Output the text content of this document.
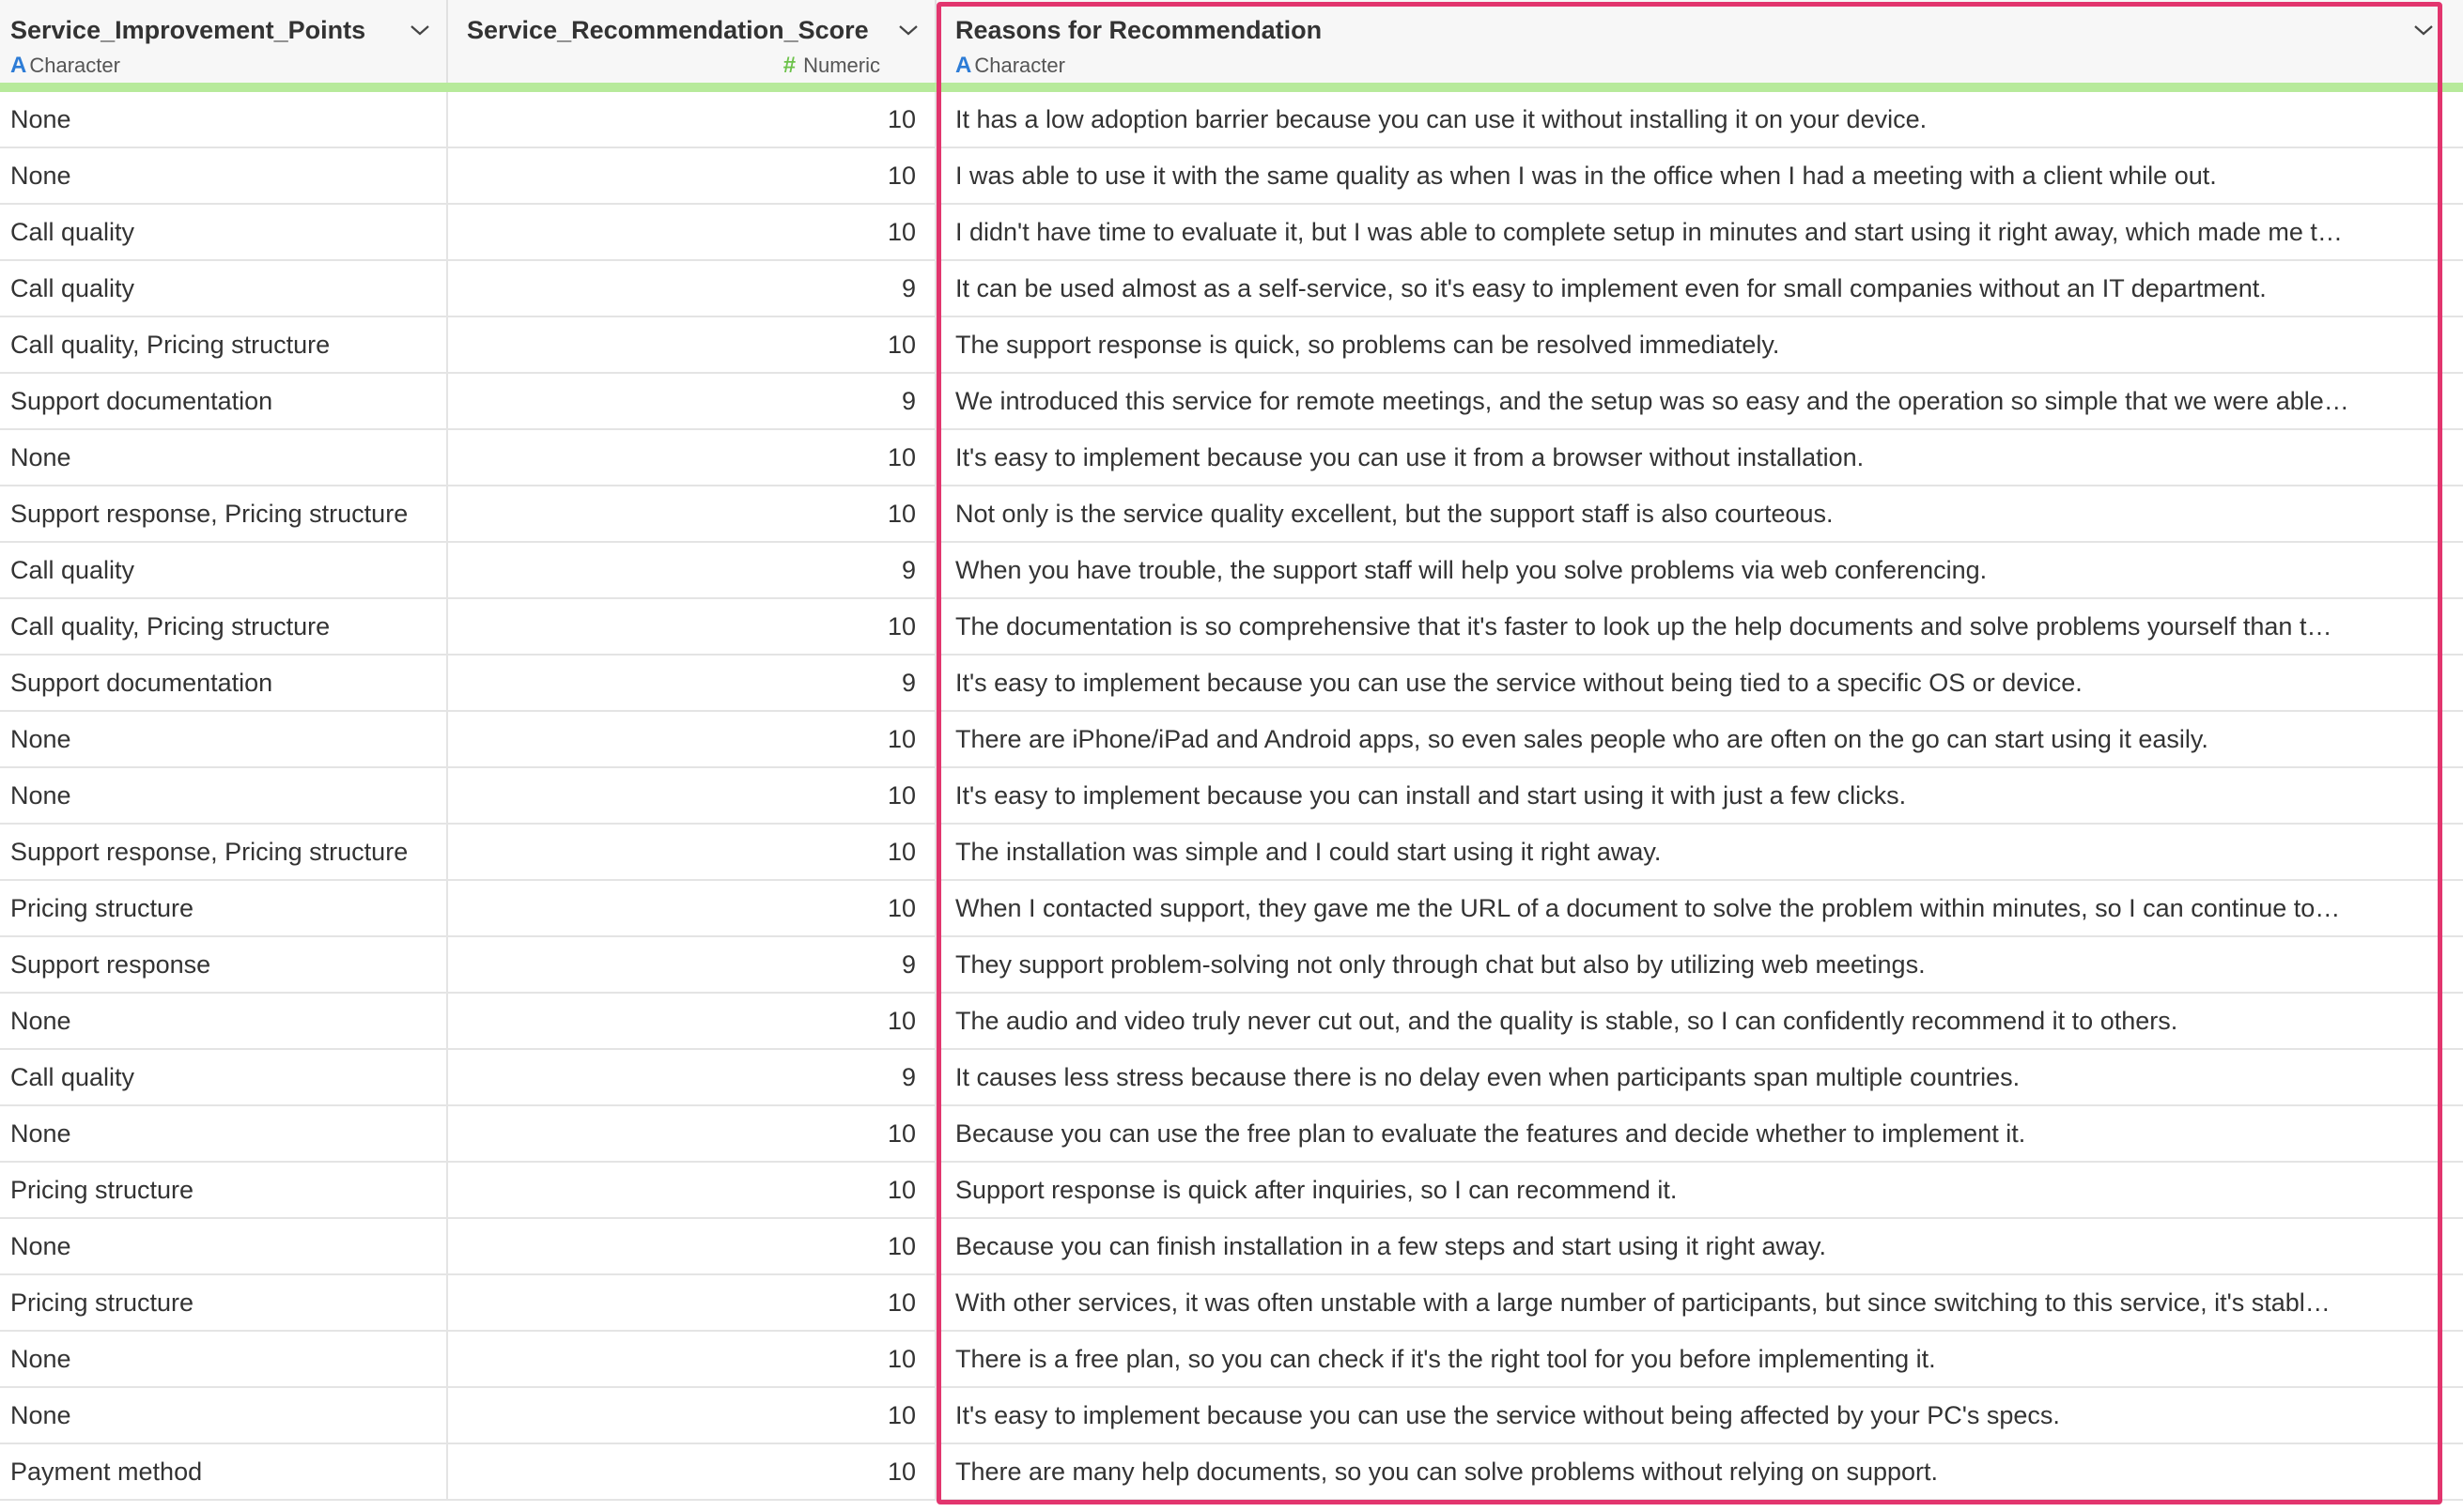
Service_Improvement_Points
A Character
Service_Recommendation_Score
# Numeric
Reasons for Recommendation
A Character
None	10	It has a low adoption barrier because you can use it without installing it on your device.
None	10	I was able to use it with the same quality as when I was in the office when I had a meeting with a client while out.
Call quality	10	I didn't have time to evaluate it, but I was able to complete setup in minutes and start using it right away, which made me t…
Call quality	9	It can be used almost as a self-service, so it's easy to implement even for small companies without an IT department.
Call quality, Pricing structure	10	The support response is quick, so problems can be resolved immediately.
Support documentation	9	We introduced this service for remote meetings, and the setup was so easy and the operation so simple that we were able…
None	10	It's easy to implement because you can use it from a browser without installation.
Support response, Pricing structure	10	Not only is the service quality excellent, but the support staff is also courteous.
Call quality	9	When you have trouble, the support staff will help you solve problems via web conferencing.
Call quality, Pricing structure	10	The documentation is so comprehensive that it's faster to look up the help documents and solve problems yourself than t…
Support documentation	9	It's easy to implement because you can use the service without being tied to a specific OS or device.
None	10	There are iPhone/iPad and Android apps, so even sales people who are often on the go can start using it easily.
None	10	It's easy to implement because you can install and start using it with just a few clicks.
Support response, Pricing structure	10	The installation was simple and I could start using it right away.
Pricing structure	10	When I contacted support, they gave me the URL of a document to solve the problem within minutes, so I can continue to…
Support response	9	They support problem-solving not only through chat but also by utilizing web meetings.
None	10	The audio and video truly never cut out, and the quality is stable, so I can confidently recommend it to others.
Call quality	9	It causes less stress because there is no delay even when participants span multiple countries.
None	10	Because you can use the free plan to evaluate the features and decide whether to implement it.
Pricing structure	10	Support response is quick after inquiries, so I can recommend it.
None	10	Because you can finish installation in a few steps and start using it right away.
Pricing structure	10	With other services, it was often unstable with a large number of participants, but since switching to this service, it's stabl…
None	10	There is a free plan, so you can check if it's the right tool for you before implementing it.
None	10	It's easy to implement because you can use the service without being affected by your PC's specs.
Payment method	10	There are many help documents, so you can solve problems without relying on support.
